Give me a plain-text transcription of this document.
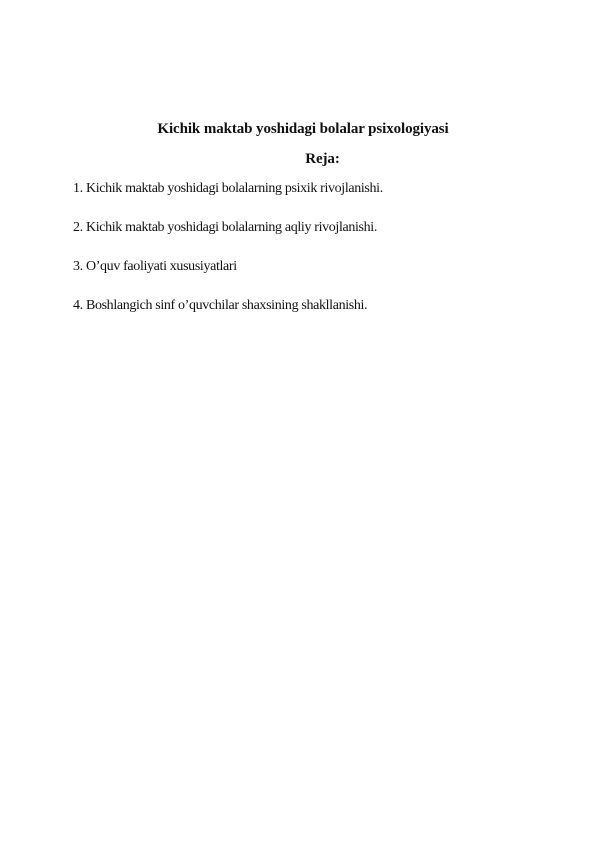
Kichik maktab yoshidagi bolalar psixologiyasi
Reja:
1. Kichik maktab yoshidagi bolalarning psixik rivojlanishi.
2. Kichik maktab yoshidagi bolalarning aqliy rivojlanishi.
3. O’quv faoliyati xususiyatlari
4. Boshlangich sinf o’quvchilar shaxsining shakllanishi.
